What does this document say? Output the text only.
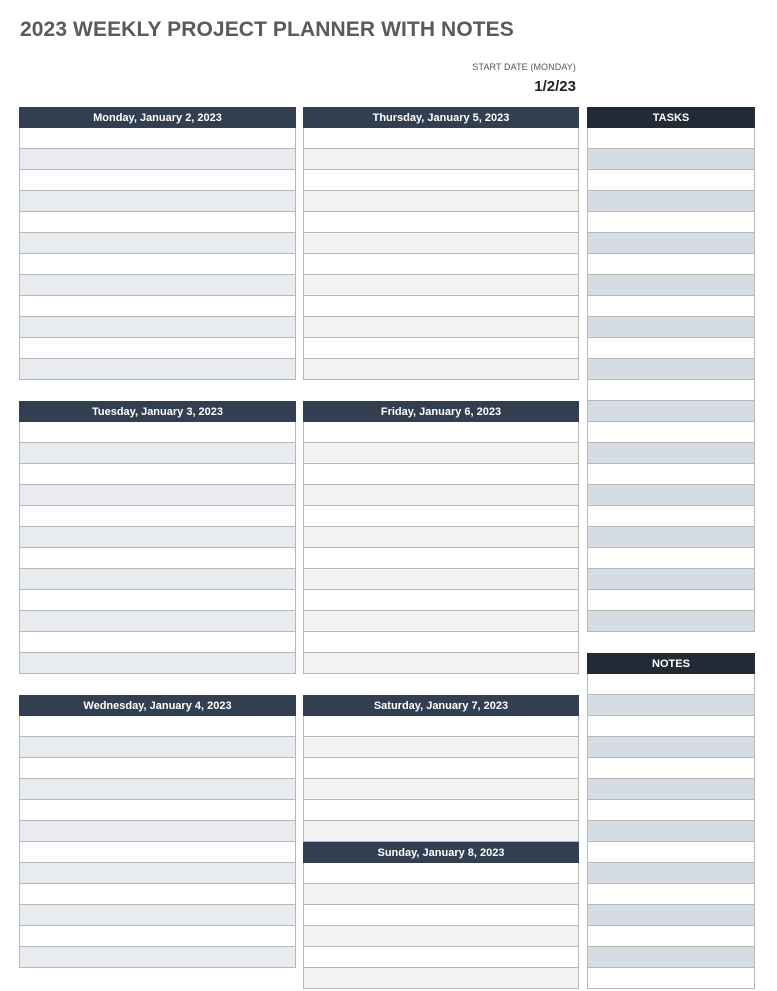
2023 WEEKLY PROJECT PLANNER WITH NOTES
START DATE (MONDAY)
1/2/23
Monday, January 2, 2023
Tuesday, January 3, 2023
Wednesday, January 4, 2023
Thursday, January 5, 2023
Friday, January 6, 2023
Saturday, January 7, 2023
Sunday, January 8, 2023
TASKS
NOTES
